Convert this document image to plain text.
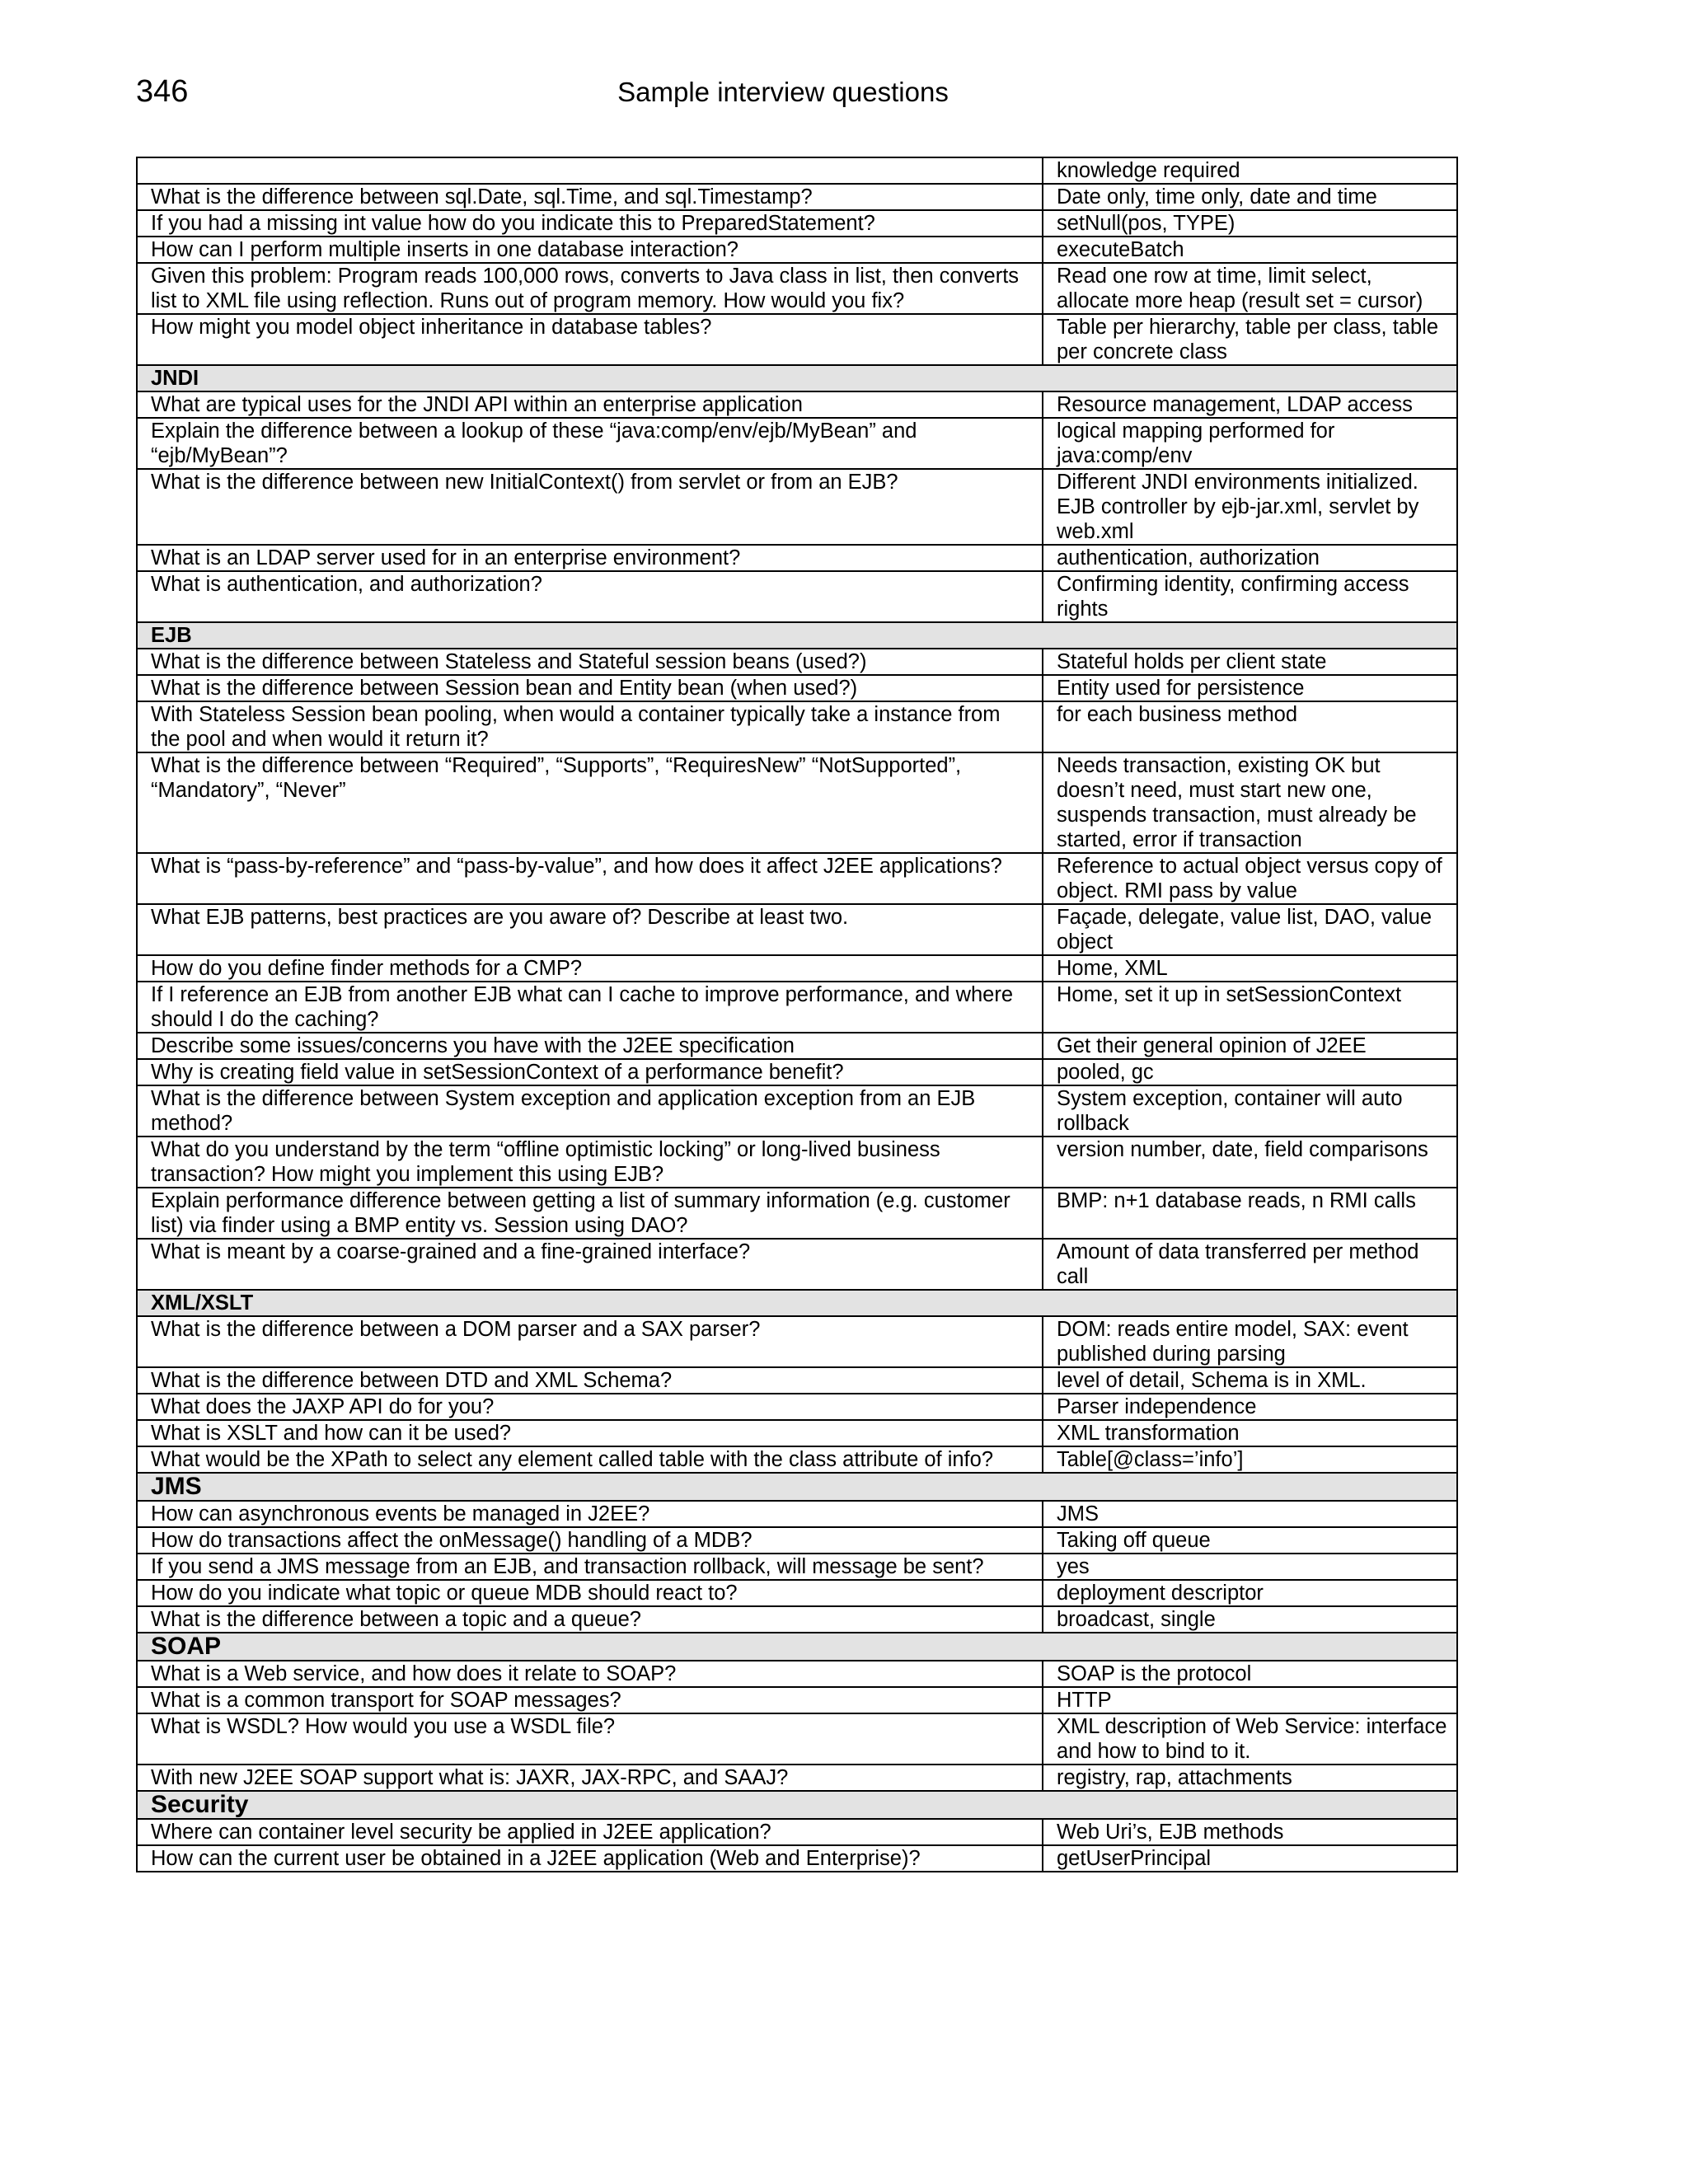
346	Sample interview questions
	knowledge required
What is the difference between sql.Date, sql.Time, and sql.Timestamp?	Date only, time only, date and time
If you had a missing int value how do you indicate this to PreparedStatement?	setNull(pos, TYPE)
How can I perform multiple inserts in one database interaction?	executeBatch
Given this problem: Program reads 100,000 rows, converts to Java class in list, then converts list to XML file using reflection. Runs out of program memory. How would you fix?	Read one row at time, limit select, allocate more heap (result set = cursor)
How might you model object inheritance in database tables?	Table per hierarchy, table per class, table per concrete class
JNDI	
What are typical uses for the JNDI API within an enterprise application	Resource management, LDAP access
Explain the difference between a lookup of these “java:comp/env/ejb/MyBean” and “ejb/MyBean”?	logical mapping performed for java:comp/env
What is the difference between new InitialContext() from servlet or from an EJB?	Different JNDI environments initialized. EJB controller by ejb-jar.xml, servlet by web.xml
What is an LDAP server used for in an enterprise environment?	authentication, authorization
What is authentication, and authorization?	Confirming identity, confirming access rights
EJB	
What is the difference between Stateless and Stateful session beans (used?)	Stateful holds per client state
What is the difference between Session bean and Entity bean (when used?)	Entity used for persistence
With Stateless Session bean pooling, when would a container typically take a instance from the pool and when would it return it?	for each business method
What is the difference between “Required”, “Supports”, “RequiresNew” “NotSupported”, “Mandatory”, “Never”	Needs transaction, existing OK but doesn’t need, must start new one, suspends transaction, must already be started, error if transaction
What is “pass-by-reference” and “pass-by-value”, and how does it affect J2EE applications?	Reference to actual object versus copy of object. RMI pass by value
What EJB patterns, best practices are you aware of? Describe at least two.	Façade, delegate, value list, DAO, value object
How do you define finder methods for a CMP?	Home, XML
If I reference an EJB from another EJB what can I cache to improve performance, and where should I do the caching?	Home, set it up in setSessionContext
Describe some issues/concerns you have with the J2EE specification	Get their general opinion of J2EE
Why is creating field value in setSessionContext of a performance benefit?	pooled, gc
What is the difference between System exception and application exception from an EJB method?	System exception, container will auto rollback
What do you understand by the term “offline optimistic locking” or long-lived business transaction? How might you implement this using EJB?	version number, date, field comparisons
Explain performance difference between getting a list of summary information (e.g. customer list) via finder using a BMP entity vs. Session using DAO?	BMP: n+1 database reads, n RMI calls
What is meant by a coarse-grained and a fine-grained interface?	Amount of data transferred per method call
XML/XSLT	
What is the difference between a DOM parser and a SAX parser?	DOM: reads entire model, SAX: event published during parsing
What is the difference between DTD and XML Schema?	level of detail, Schema is in XML.
What does the JAXP API do for you?	Parser independence
What is XSLT and how can it be used?	XML transformation
What would be the XPath to select any element called table with the class attribute of info?	Table[@class=’info’]
JMS	
How can asynchronous events be managed in J2EE?	JMS
How do transactions affect the onMessage() handling of a MDB?	Taking off queue
If you send a JMS message from an EJB, and transaction rollback, will message be sent?	yes
How do you indicate what topic or queue MDB should react to?	deployment descriptor
What is the difference between a topic and a queue?	broadcast, single
SOAP	
What is a Web service, and how does it relate to SOAP?	SOAP is the protocol
What is a common transport for SOAP messages?	HTTP
What is WSDL? How would you use a WSDL file?	XML description of Web Service: interface and how to bind to it.
With new J2EE SOAP support what is: JAXR, JAX-RPC, and SAAJ?	registry, rap, attachments
Security	
Where can container level security be applied in J2EE application?	Web Uri’s, EJB methods
How can the current user be obtained in a J2EE application (Web and Enterprise)?	getUserPrincipal
